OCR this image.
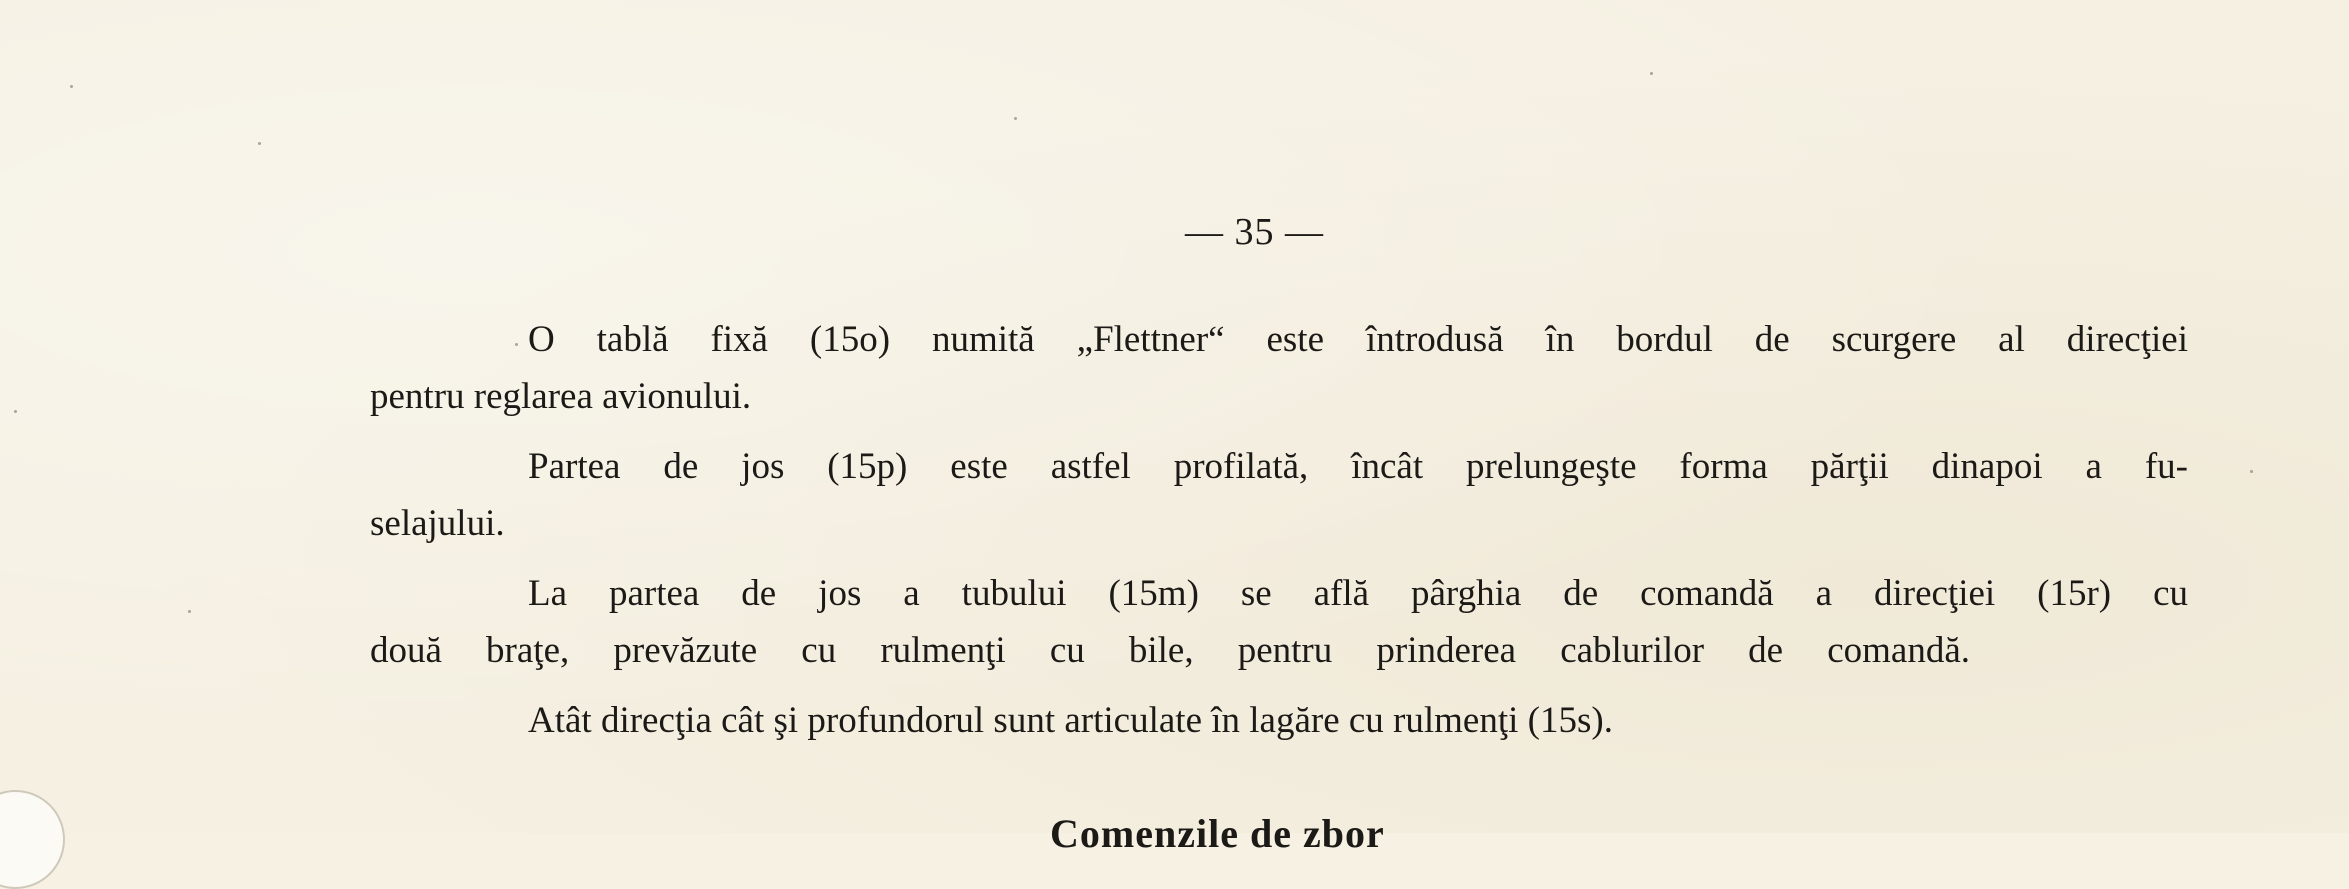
— 35 —
O tablă fixă (15o) numită „Flettner“ este întrodusă în bordul de scurgere al direcţiei
pentru reglarea avionului.
Partea de jos (15p) este astfel profilată, încât prelungeşte forma părţii dinapoi a fu-
selajului.
La partea de jos a tubului (15m) se află pârghia de comandă a direcţiei (15r) cu
două braţe, prevăzute cu rulmenţi cu bile, pentru prinderea cablurilor de comandă.
Atât direcţia cât şi profundorul sunt articulate în lagăre cu rulmenţi (15s).
Comenzile de zbor
